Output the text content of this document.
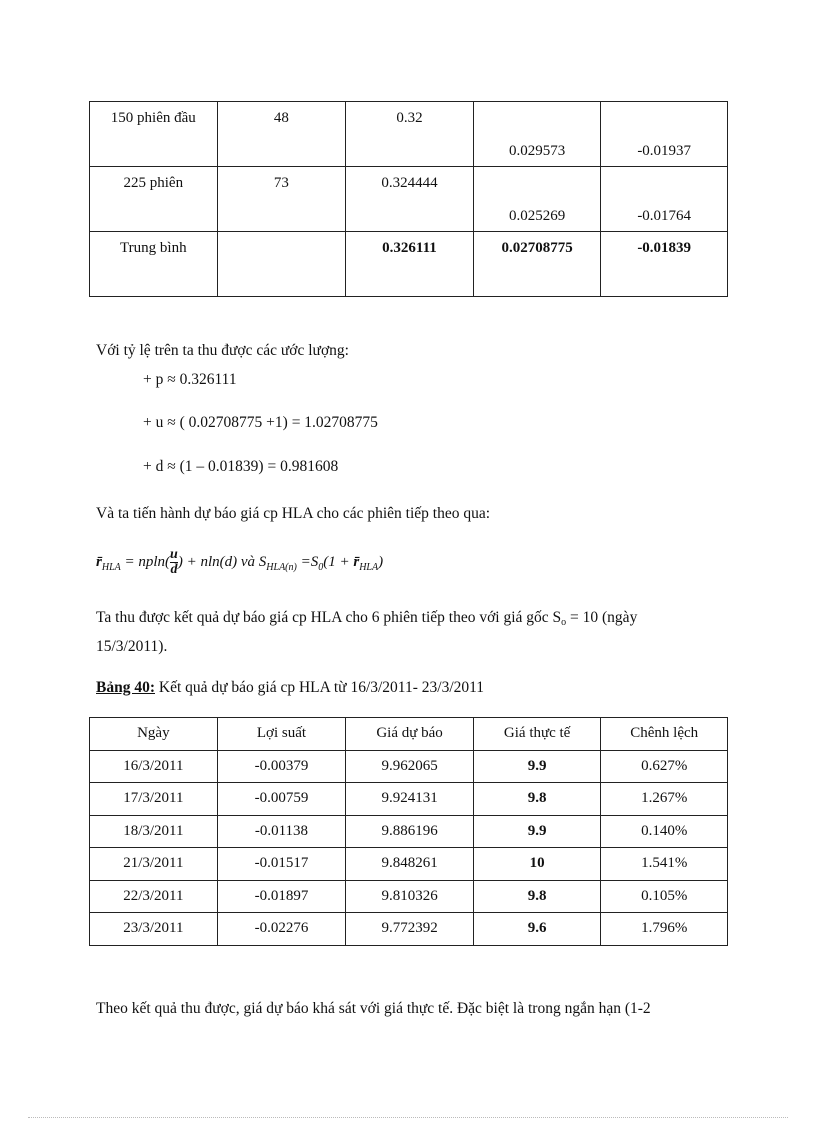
150 phiên đầu	48	0.32	0.029573	-0.01937

225 phiên	73	0.324444	0.025269	-0.01764

Trung bình		0.326111	0.02708775	-0.01839
Với tỷ lệ trên ta thu được các ước lượng:
+ p ≈ 0.326111
+ u ≈ ( 0.02708775 +1) = 1.02708775
+ d ≈ (1 – 0.01839) = 0.981608
Và ta tiến hành dự báo giá cp HLA cho các phiên tiếp theo qua:
$r̄_{HLA} = npln( \frac{u}{d}$ ) + nln(d) và $S_{HLA(n)} =S_0(1$ + $r̄_{HLA}$)
Ta thu được kết quả dự báo giá cp HLA cho 6 phiên tiếp theo với giá gốc So = 10 (ngày
15/3/2011).
Bảng 40: Kết quả dự báo giá cp HLA từ 16/3/2011- 23/3/2011
Ngày	Lợi suất	Giá dự báo	Giá thực tế	Chênh lệch
16/3/2011	-0.00379	9.962065	9.9	0.627%
17/3/2011	-0.00759	9.924131	9.8	1.267%
18/3/2011	-0.01138	9.886196	9.9	0.140%
21/3/2011	-0.01517	9.848261	10	1.541%
22/3/2011	-0.01897	9.810326	9.8	0.105%
23/3/2011	-0.02276	9.772392	9.6	1.796%
Theo kết quả thu được, giá dự báo khá sát với giá thực tế. Đặc biệt là trong ngắn hạn (1-2
